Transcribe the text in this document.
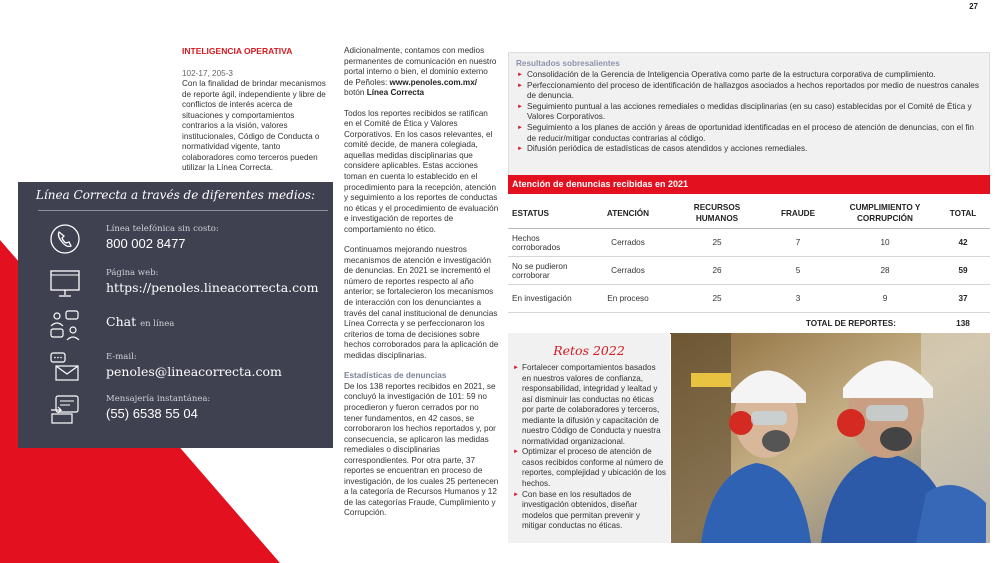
27
INTELIGENCIA OPERATIVA

102-17, 205-3

Con la finalidad de brindar mecanismos de reporte ágil, independiente y libre de conflictos de interés acerca de situaciones y comportamientos contrarios a la visión, valores institucionales, Código de Conducta o normatividad vigente, tanto colaboradores como terceros pueden utilizar la Línea Correcta.

Línea Correcta a través de diferentes medios:
Línea telefónica sin costo:
800 002 8477
Página web:
https://penoles.lineacorrecta.com
Chat en línea
E-mail:
penoles@lineacorrecta.com
Mensajería instantánea:
(55) 6538 55 04

Adicionalmente, contamos con medios permanentes de comunicación en nuestro portal interno o bien, el dominio externo de Peñoles: www.penoles.com.mx/ botón Línea Correcta

Todos los reportes recibidos se ratifican en el Comité de Ética y Valores Corporativos. En los casos relevantes, el comité decide, de manera colegiada, aquellas medidas disciplinarias que considere aplicables. Estas acciones toman en cuenta lo establecido en el procedimiento para la recepción, atención y seguimiento a los reportes de conductas no éticas y el procedimiento de evaluación e investigación de reportes de comportamiento no ético.

Continuamos mejorando nuestros mecanismos de atención e investigación de denuncias. En 2021 se incrementó el número de reportes respecto al año anterior; se fortalecieron los mecanismos de interacción con los denunciantes a través del canal institucional de denuncias Línea Correcta y se perfeccionaron los criterios de toma de decisiones sobre hechos corroborados para la aplicación de medidas disciplinarias.

Estadísticas de denuncias

De los 138 reportes recibidos en 2021, se concluyó la investigación de 101: 59 no procedieron y fueron cerrados por no tener fundamentos, en 42 casos, se corroboraron los hechos reportados y, por consecuencia, se aplicaron las medidas remediales o disciplinarias correspondientes. Por otra parte, 37 reportes se encuentran en proceso de investigación, de los cuales 25 pertenecen a la categoría de Recursos Humanos y 12 de las categorías Fraude, Cumplimiento y Corrupción.

Resultados sobresalientes
► Consolidación de la Gerencia de Inteligencia Operativa como parte de la estructura corporativa de cumplimiento.
► Perfeccionamiento del proceso de identificación de hallazgos asociados a hechos reportados por medio de nuestros canales de denuncia.
► Seguimiento puntual a las acciones remediales o medidas disciplinarias (en su caso) establecidas por el Comité de Ética y Valores Corporativos.
► Seguimiento a los planes de acción y áreas de oportunidad identificadas en el proceso de atención de denuncias, con el fin de reducir/mitigar conductas contrarias al código.
► Difusión periódica de estadísticas de casos atendidos y acciones remediales.
Atención de denuncias recibidas en 2021
ESTATUS	ATENCIÓN	RECURSOS HUMANOS	FRAUDE	CUMPLIMIENTO Y CORRUPCIÓN	TOTAL
Hechos corroborados	Cerrados	25	7	10	42
No se pudieron corroborar	Cerrados	26	5	28	59
En investigación	En proceso	25	3	9	37
TOTAL DE REPORTES:					138
Retos 2022
► Fortalecer comportamientos basados en nuestros valores de confianza, responsabilidad, integridad y lealtad y así disminuir las conductas no éticas por parte de colaboradores y terceros, mediante la difusión y capacitación de nuestro Código de Conducta y nuestra normatividad organizacional.
► Optimizar el proceso de atención de casos recibidos conforme al número de reportes, complejidad y ubicación de los hechos.
► Con base en los resultados de investigación obtenidos, diseñar modelos que permitan prevenir y mitigar conductas no éticas.
